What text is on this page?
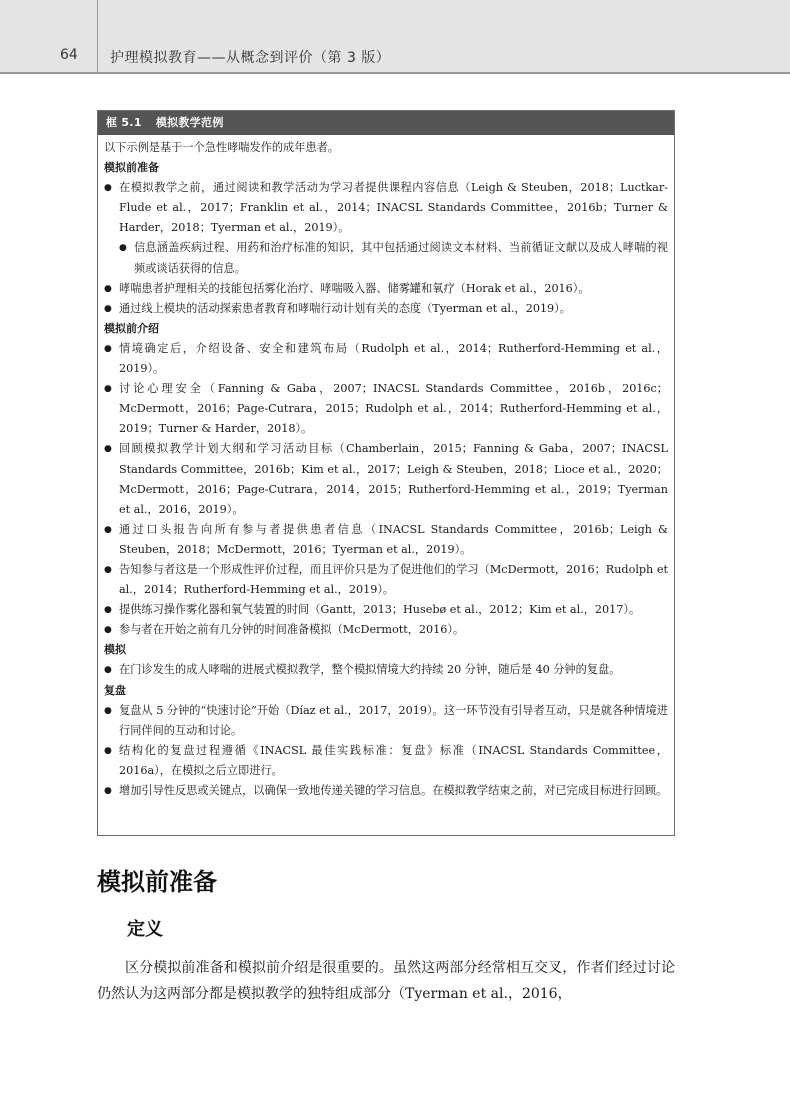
64 护理模拟教育——从概念到评价（第 3 版）
框 5.1 模拟教学范例

以下示例是基于一个急性哮喘发作的成年患者。

模拟前准备

● 在模拟教学之前，通过阅读和教学活动为学习者提供课程内容信息（Leigh & Steuben，2018；Luctkar-Flude et al.，2017；Franklin et al.，2014；INACSL Standards Committee，2016b；Turner & Harder，2018；Tyerman et al.，2019）。
● 信息涵盖疾病过程、用药和治疗标准的知识，其中包括通过阅读文本材料、当前循证文献以及成人哮喘的视频或谈话获得的信息。
● 哮喘患者护理相关的技能包括雾化治疗、哮喘吸入器、储雾罐和氧疗（Horak et al.，2016）。
● 通过线上模块的活动探索患者教育和哮喘行动计划有关的态度（Tyerman et al.，2019）。

模拟前介绍

● 情境确定后，介绍设备、安全和建筑布局（Rudolph et al.，2014；Rutherford-Hemming et al.，2019）。
● 讨论心理安全（Fanning & Gaba，2007；INACSL Standards Committee，2016b，2016c；McDermott，2016；Page-Cutrara，2015；Rudolph et al.，2014；Rutherford-Hemming et al.，2019；Turner & Harder，2018）。
● 回顾模拟教学计划大纲和学习活动目标（Chamberlain，2015；Fanning & Gaba，2007；INACSL Standards Committee，2016b；Kim et al.，2017；Leigh & Steuben，2018；Lioce et al.，2020；McDermott，2016；Page-Cutrara，2014，2015；Rutherford-Hemming et al.，2019；Tyerman et al.，2016，2019）。
● 通过口头报告向所有参与者提供患者信息（INACSL Standards Committee，2016b；Leigh & Steuben，2018；McDermott，2016；Tyerman et al.，2019）。
● 告知参与者这是一个形成性评价过程，而且评价只是为了促进他们的学习（McDermott，2016；Rudolph et al.，2014；Rutherford-Hemming et al.，2019）。
● 提供练习操作雾化器和氧气装置的时间（Gantt，2013；Husebø et al.，2012；Kim et al.，2017）。
● 参与者在开始之前有几分钟的时间准备模拟（McDermott，2016）。

模拟

● 在门诊发生的成人哮喘的进展式模拟教学，整个模拟情境大约持续 20 分钟，随后是 40 分钟的复盘。

复盘

● 复盘从 5 分钟的“快速讨论”开始（Díaz et al.，2017，2019）。这一环节没有引导者互动，只是就各种情境进行同伴间的互动和讨论。
● 结构化的复盘过程遵循《INACSL 最佳实践标准：复盘》标准（INACSL Standards Committee，2016a），在模拟之后立即进行。
● 增加引导性反思或关键点，以确保一致地传递关键的学习信息。在模拟教学结束之前，对已完成目标进行回顾。
模拟前准备
定义

区分模拟前准备和模拟前介绍是很重要的。虽然这两部分经常相互交叉，作者们经过讨论仍然认为这两部分都是模拟教学的独特组成部分（Tyerman et al.，2016，
